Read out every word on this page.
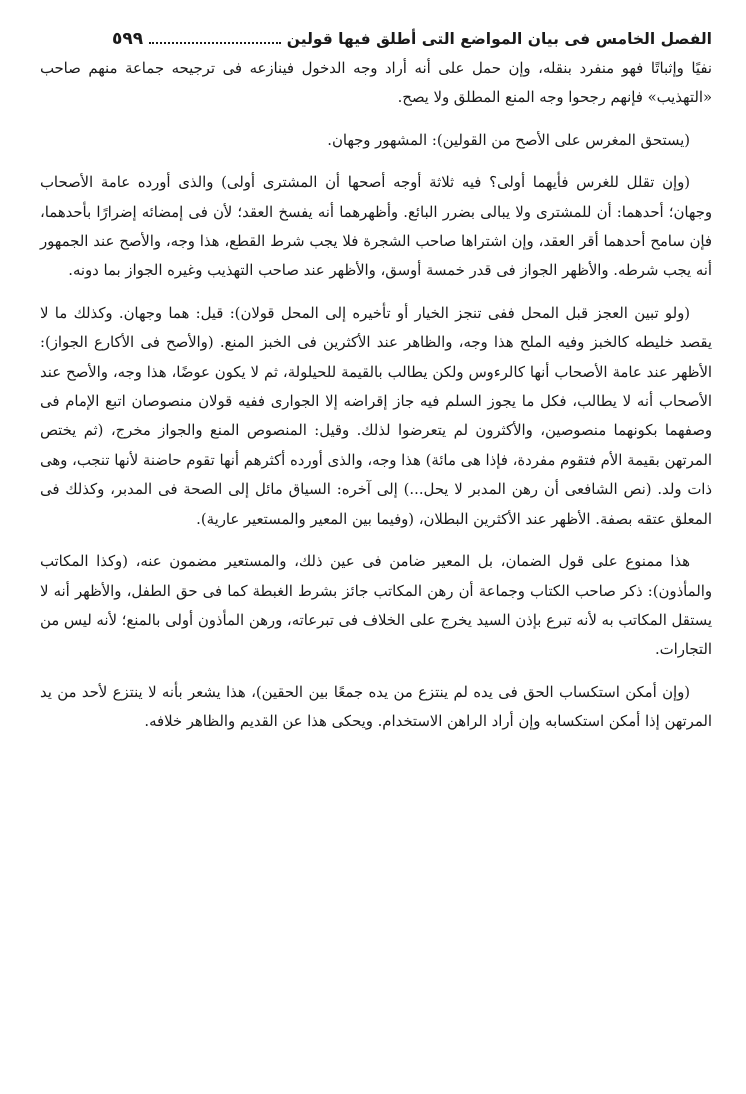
الفصل الخامس فى بيان المواضع التى أطلق فيها قولين
٥٩٩

نفيًا وإثباتًا فهو منفرد بنقله، وإن حمل على أنه أراد وجه الدخول فينازعه فى ترجيحه جماعة منهم صاحب «التهذيب» فإنهم رجحوا وجه المنع المطلق ولا يصح.

(يستحق المغرس على الأصح من القولين): المشهور وجهان.

(وإن تقلل للغرس فأيهما أولى؟ فيه ثلاثة أوجه أصحها أن المشترى أولى) والذى أورده عامة الأصحاب وجهان؛ أحدهما: أن للمشترى ولا يبالى بضرر البائع. وأظهرهما أنه يفسخ العقد؛ لأن فى إمضائه إضرارًا بأحدهما، فإن سامح أحدهما أقر العقد، وإن اشتراها صاحب الشجرة فلا يجب شرط القطع، هذا وجه، والأصح عند الجمهور أنه يجب شرطه. والأظهر الجواز فى قدر خمسة أوسق، والأظهر عند صاحب التهذيب وغيره الجواز بما دونه.

(ولو تبين العجز قبل المحل ففى تنجز الخيار أو تأخيره إلى المحل قولان): قيل: هما وجهان. وكذلك ما لا يقصد خليطه كالخبز وفيه الملح هذا وجه، والظاهر عند الأكثرين فى الخبز المنع. (والأصح فى الأكارع الجواز): الأظهر عند عامة الأصحاب أنها كالرءوس ولكن يطالب بالقيمة للحيلولة، ثم لا يكون عوضًا، هذا وجه، والأصح عند الأصحاب أنه لا يطالب، فكل ما يجوز السلم فيه جاز إقراضه إلا الجوارى ففيه قولان منصوصان اتبع الإمام فى وصفهما بكونهما منصوصين، والأكثرون لم يتعرضوا لذلك. وقيل: المنصوص المنع والجواز مخرج، (ثم يختص المرتهن بقيمة الأم فتقوم مفردة، فإذا هى مائة) هذا وجه، والذى أورده أكثرهم أنها تقوم حاضنة لأنها تنجب، وهى ذات ولد. (نص الشافعى أن رهن المدبر لا يحل...) إلى آخره: السياق مائل إلى الصحة فى المدبر، وكذلك فى المعلق عتقه بصفة. الأظهر عند الأكثرين البطلان، (وفيما بين المعير والمستعير عارية).

هذا ممنوع على قول الضمان، بل المعير ضامن فى عين ذلك، والمستعير مضمون عنه، (وكذا المكاتب والمأذون): ذكر صاحب الكتاب وجماعة أن رهن المكاتب جائز بشرط الغبطة كما فى حق الطفل، والأظهر أنه لا يستقل المكاتب به لأنه تبرع بإذن السيد يخرج على الخلاف فى تبرعاته، ورهن المأذون أولى بالمنع؛ لأنه ليس من التجارات.

(وإن أمكن استكساب الحق فى يده لم ينتزع من يده جمعًا بين الحقين)، هذا يشعر بأنه لا ينتزع لأحد من يد المرتهن إذا أمكن استكسابه وإن أراد الراهن الاستخدام. ويحكى هذا عن القديم والظاهر خلافه.
